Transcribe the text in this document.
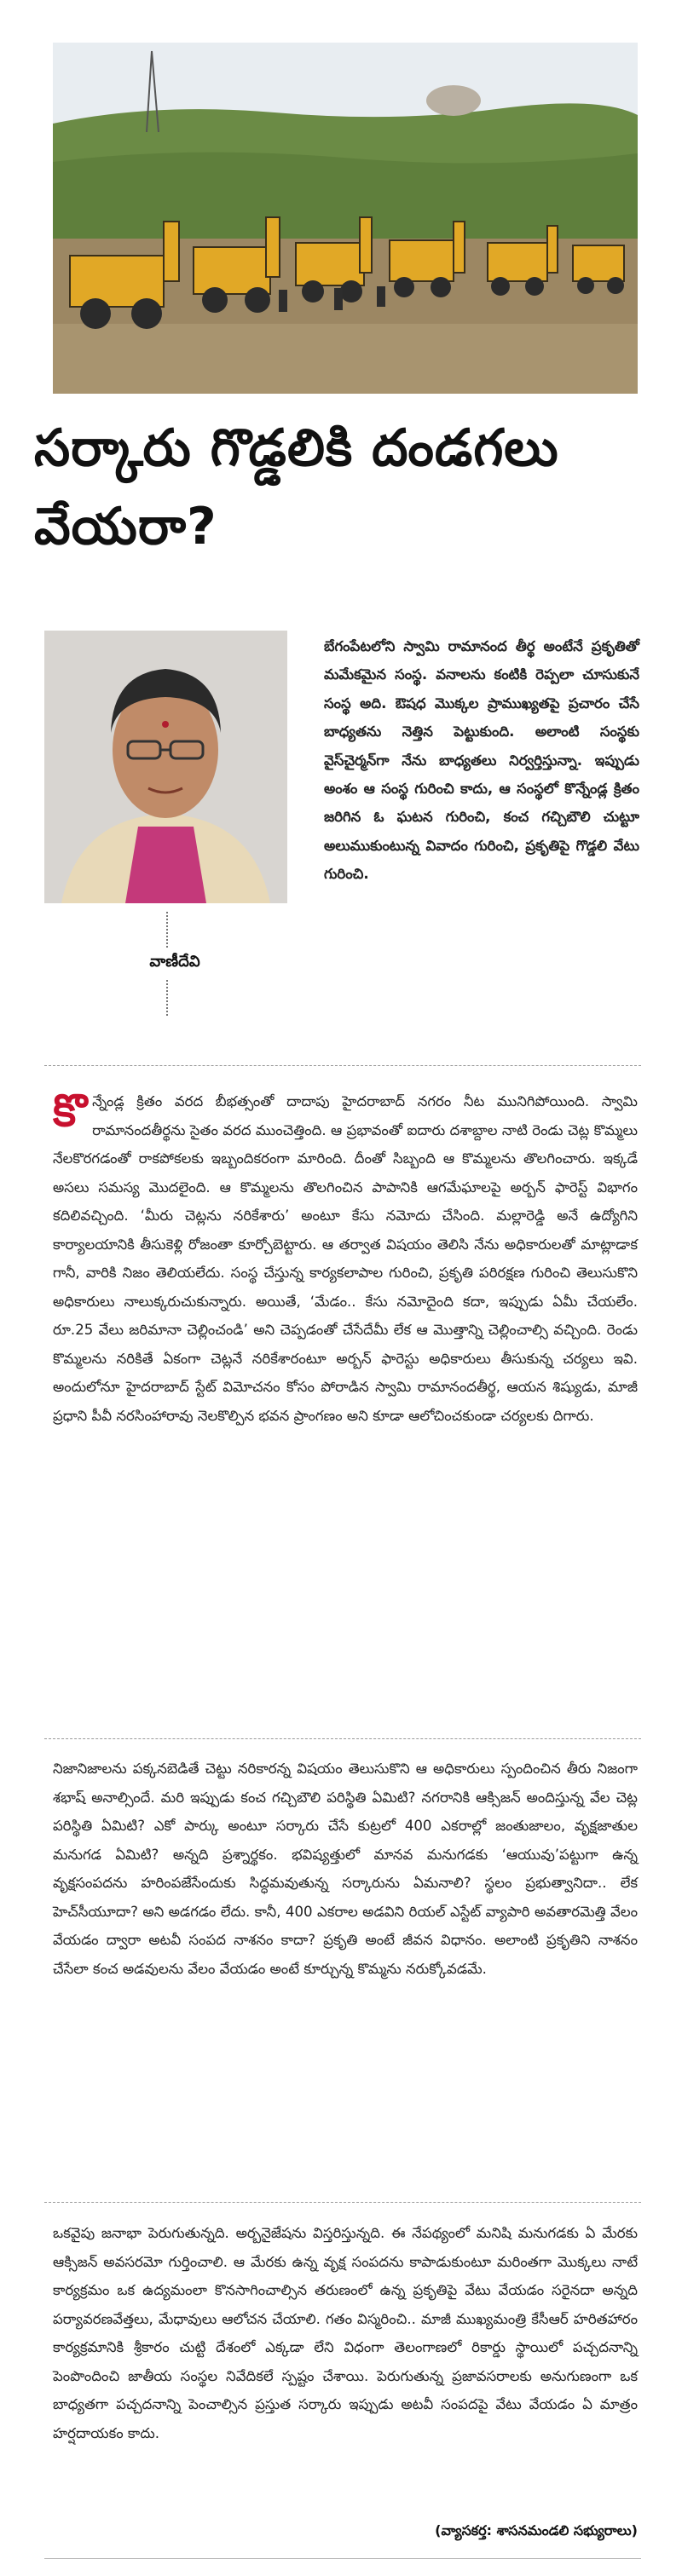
సర్కారు గొడ్డలికి దండగలు వేయరా?
వాణీదేవి

బేగంపేటలోని స్వామి రామానంద తీర్థ అంటేనే ప్రకృతితో మమేకమైన సంస్థ. వనాలను కంటికి రెప్పలా చూసుకునే సంస్థ అది. ఔషధ మొక్కల ప్రాముఖ్యతపై ప్రచారం చేసే బాధ్యతను నెత్తిన పెట్టుకుంది. అలాంటి సంస్థకు వైస్‌చైర్మన్‌గా నేను బాధ్యతలు నిర్వర్తిస్తున్నా. ఇప్పుడు అంశం ఆ సంస్థ గురించి కాదు, ఆ సంస్థలో కొన్నేండ్ల క్రితం జరిగిన ఓ ఘటన గురించి, కంచ గచ్చిబౌలి చుట్టూ అలుముకుంటున్న వివాదం గురించి, ప్రకృతిపై గొడ్డలి వేటు గురించి.

కొన్నేండ్ల క్రితం వరద బీభత్సంతో దాదాపు హైదరాబాద్‌ నగరం నీట మునిగిపోయింది. స్వామి రామానందతీర్థను సైతం వరద ముంచెత్తింది. ఆ ప్రభావంతో ఐదారు దశాబ్దాల నాటి రెండు చెట్ల కొమ్మలు నేలకొరగడంతో రాకపోకలకు ఇబ్బందికరంగా మారింది. దీంతో సిబ్బంది ఆ కొమ్మలను తొలగించారు. ఇక్కడే అసలు సమస్య మొదలైంది. ఆ కొమ్మలను తొలగించిన పాపానికి ఆగమేఘాలపై అర్బన్‌ ఫారెస్ట్‌ విభాగం కదిలివచ్చింది. ‘మీరు చెట్లను నరికేశారు’ అంటూ కేసు నమోదు చేసింది. మల్లారెడ్డి అనే ఉద్యోగిని కార్యాలయానికి తీసుకెళ్లి రోజంతా కూర్చోబెట్టారు. ఆ తర్వాత విషయం తెలిసి నేను అధికారులతో మాట్లాడాక గానీ, వారికి నిజం తెలియలేదు. సంస్థ చేస్తున్న కార్యకలాపాల గురించి, ప్రకృతి పరిరక్షణ గురించి తెలుసుకొని అధికారులు నాలుక్కరుచుకున్నారు. అయితే, ‘మేడం.. కేసు నమోదైంది కదా, ఇప్పుడు ఏమీ చేయలేం. రూ.25 వేలు జరిమానా చెల్లించండి’ అని చెప్పడంతో చేసేదేమీ లేక ఆ మొత్తాన్ని చెల్లించాల్సి వచ్చింది. రెండు కొమ్మలను నరికితే ఏకంగా చెట్లనే నరికేశారంటూ అర్బన్‌ ఫారెస్టు అధికారులు తీసుకున్న చర్యలు ఇవి. అందులోనూ హైదరాబాద్‌ స్టేట్‌ విమోచనం కోసం పోరాడిన స్వామి రామానందతీర్థ, ఆయన శిష్యుడు, మాజీ ప్రధాని పీవీ నరసింహారావు నెలకొల్పిన భవన ప్రాంగణం అని కూడా ఆలోచించకుండా చర్యలకు దిగారు.

నిజానిజాలను పక్కనబెడితే చెట్టు నరికారన్న విషయం తెలుసుకొని ఆ అధికారులు స్పందించిన తీరు నిజంగా శభాష్‌ అనాల్సిందే. మరి ఇప్పుడు కంచ గచ్చిబౌలి పరిస్థితి ఏమిటి? నగరానికి ఆక్సిజన్‌ అందిస్తున్న వేల చెట్ల పరిస్థితి ఏమిటి? ఎకో పార్కు అంటూ సర్కారు చేసే కుట్రలో 400 ఎకరాల్లో జంతుజాలం, వృక్షజాతుల మనుగడ ఏమిటి? అన్నది ప్రశ్నార్థకం. భవిష్యత్తులో మానవ మనుగడకు ‘ఆయువు’పట్టుగా ఉన్న వృక్షసంపదను హరింపజేసేందుకు సిద్ధమవుతున్న సర్కారును ఏమనాలి? స్థలం ప్రభుత్వానిదా.. లేక హెచ్‌సీయూదా? అని అడగడం లేదు. కానీ, 400 ఎకరాల అడవిని రియల్‌ ఎస్టేట్‌ వ్యాపారి అవతారమెత్తి వేలం వేయడం ద్వారా అటవీ సంపద నాశనం కాదా? ప్రకృతి అంటే జీవన విధానం. అలాంటి ప్రకృతిని నాశనం చేసేలా కంచ అడవులను వేలం వేయడం అంటే కూర్చున్న కొమ్మను నరుక్కోవడమే.

ఒకవైపు జనాభా పెరుగుతున్నది. అర్బనైజేషను విస్తరిస్తున్నది. ఈ నేపథ్యంలో మనిషి మనుగడకు ఏ మేరకు ఆక్సిజన్‌ అవసరమో గుర్తించాలి. ఆ మేరకు ఉన్న వృక్ష సంపదను కాపాడుకుంటూ మరింతగా మొక్కలు నాటే కార్యక్రమం ఒక ఉద్యమంలా కొనసాగించాల్సిన తరుణంలో ఉన్న ప్రకృతిపై వేటు వేయడం సరైనదా అన్నది పర్యావరణవేత్తలు, మేధావులు ఆలోచన చేయాలి. గతం విస్మరించి.. మాజీ ముఖ్యమంత్రి కేసీఆర్‌ హరితహారం కార్యక్రమానికి శ్రీకారం చుట్టి దేశంలో ఎక్కడా లేని విధంగా తెలంగాణలో రికార్డు స్థాయిలో పచ్చదనాన్ని పెంపొందించి జాతీయ సంస్థల నివేదికలే స్పష్టం చేశాయి. పెరుగుతున్న ప్రజావసరాలకు అనుగుణంగా ఒక బాధ్యతగా పచ్చదనాన్ని పెంచాల్సిన ప్రస్తుత సర్కారు ఇప్పుడు అటవీ సంపదపై వేటు వేయడం ఏ మాత్రం హర్షదాయకం కాదు.

(వ్యాసకర్త: శాసనమండలి సభ్యురాలు)
